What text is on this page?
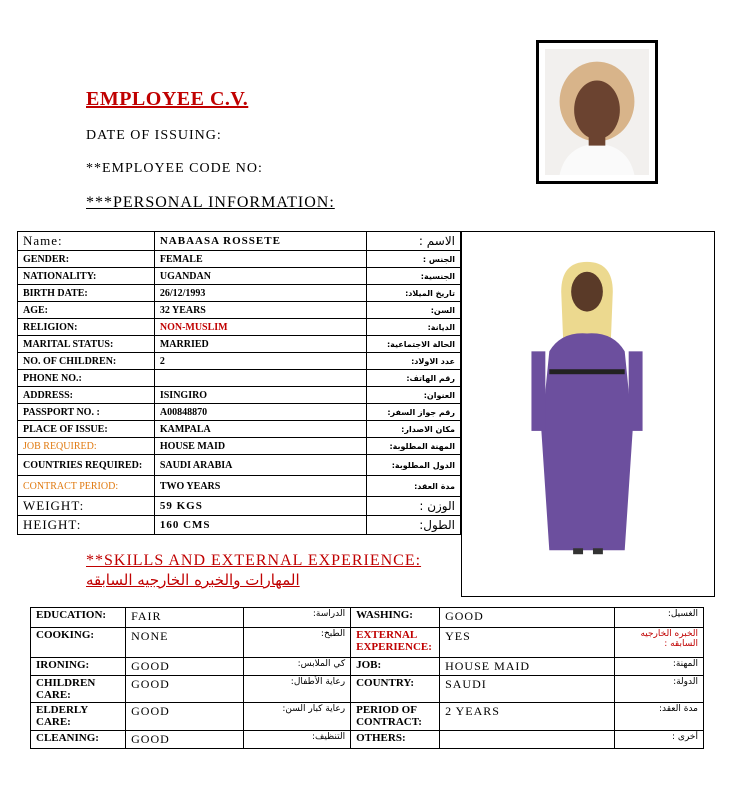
EMPLOYEE C.V.
DATE OF ISSUING:
**EMPLOYEE CODE NO:
***PERSONAL INFORMATION:
Name:	NABAASA ROSSETE	الاسم :
GENDER:	FEMALE	الجنس :
NATIONALITY:	UGANDAN	الجنسية:
BIRTH DATE:	26/12/1993	تاريخ الميلاد:
AGE:	32 YEARS	السن:
RELIGION:	NON-MUSLIM	الديانة:
MARITAL STATUS:	MARRIED	الحالة الاجتماعية:
NO. OF CHILDREN:	2	عدد الاولاد:
PHONE NO.:		رقم الهاتف:
ADDRESS:	ISINGIRO	العنوان:
PASSPORT NO. :	A00848870	رقم جواز السفر:
PLACE OF ISSUE:	KAMPALA	مكان الاصدار:
JOB REQUIRED:	HOUSE MAID	المهنة المطلوبة:
COUNTRIES REQUIRED:	SAUDI ARABIA	الدول المطلوبة:
CONTRACT PERIOD:	TWO YEARS	مدة العقد:
WEIGHT:	59 KGS	الوزن :
HEIGHT:	160 CMS	الطول:
**SKILLS AND EXTERNAL EXPERIENCE:
المهارات والخبره الخارجيه السابقه
EDUCATION:	FAIR	الدراسة:	WASHING:	GOOD	الغسيل:
COOKING:	NONE	الطبخ:	EXTERNAL EXPERIENCE:	YES	الخبره الخارجيه السابقه :
IRONING:	GOOD	كي الملابس:	JOB:	HOUSE MAID	المهنة:
CHILDREN CARE:	GOOD	رعاية الأطفال:	COUNTRY:	SAUDI	الدولة:
ELDERLY CARE:	GOOD	رعاية كبار السن:	PERIOD OF CONTRACT:	2 YEARS	مدة العقد:
CLEANING:	GOOD	التنظيف:	OTHERS:		أخرى :
